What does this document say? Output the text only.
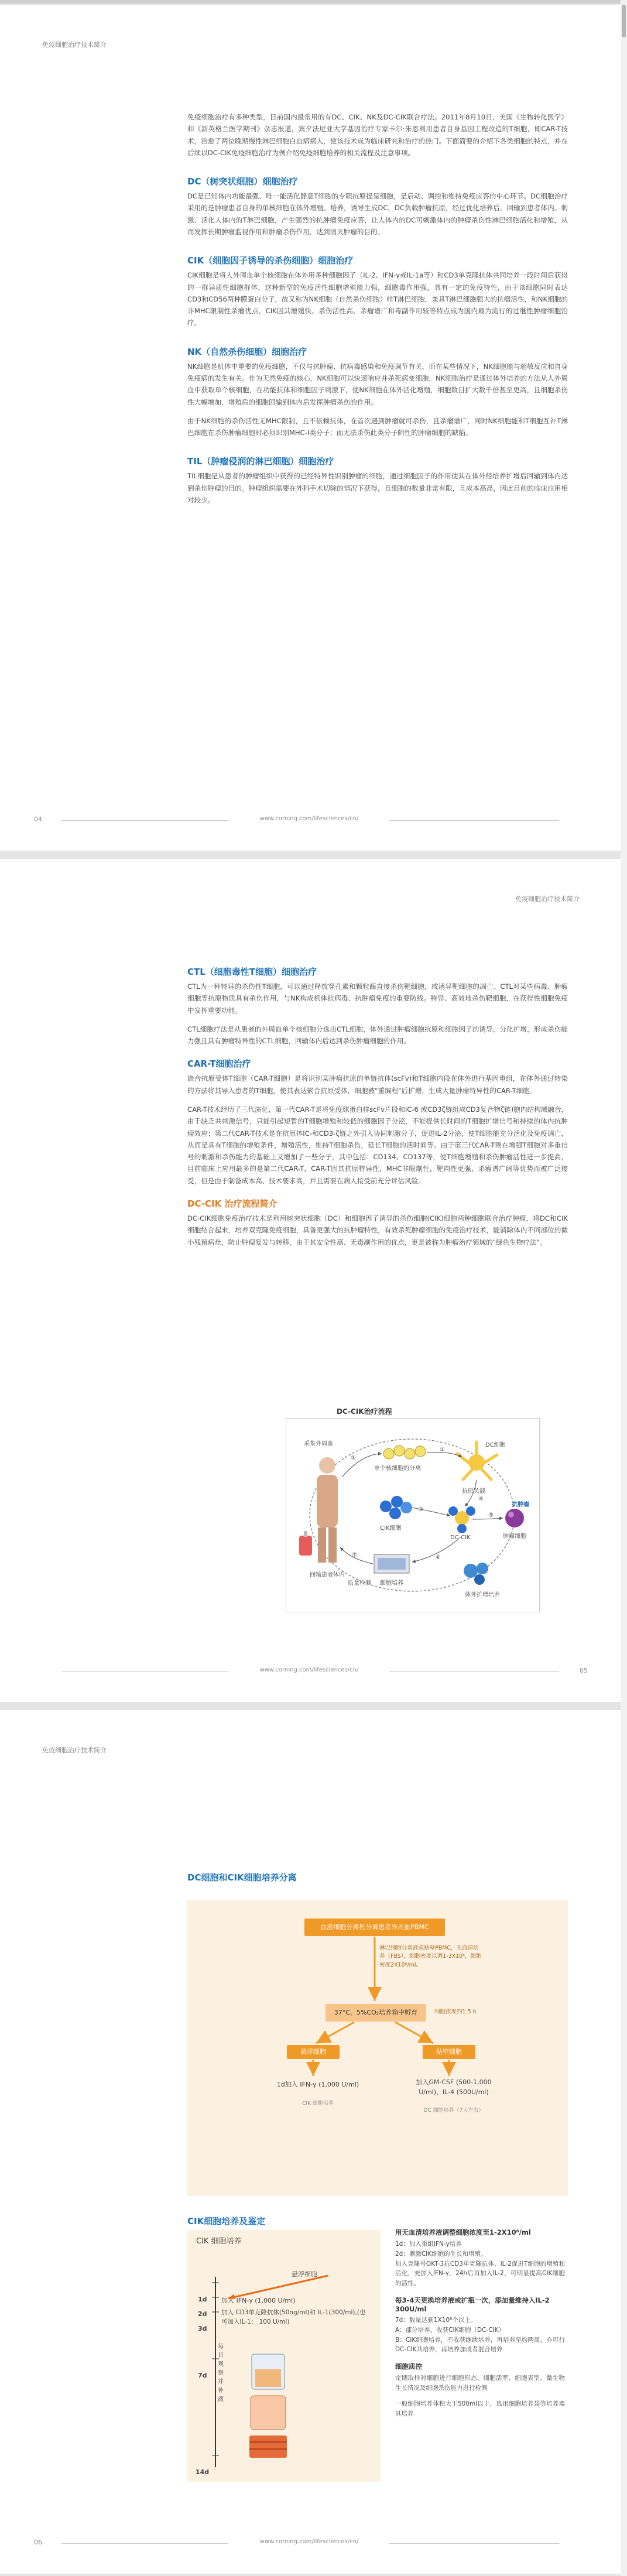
免疫细胞治疗技术简介

免疫细胞治疗有多种类型，目前国内最常用的有DC、CIK、NK及DC-CIK联合疗法。2011年8月10日，美国《生物转化医学》和《新英格兰医学期刊》杂志报道，宾夕法尼亚大学基因治疗专家卡尔·朱恩利用患者自身基因工程改造的T细胞，即CAR-T技术，治愈了两位晚期慢性淋巴细胞白血病病人，使该技术成为临床研究和治疗的热门。下面简要的介绍下各类细胞的特点，并在后续以DC-CIK免疫细胞治疗为例介绍免疫细胞培养的相关流程及注意事项。

DC（树突状细胞）细胞治疗

DC是已知体内功能最强、唯一能活化静息T细胞的专职抗原提呈细胞，是启动、调控和维持免疫应答的中心环节。DC细胞治疗采用的是肿瘤患者自身的单核细胞在体外增殖、培养，诱导生成DC，DC负载肿瘤抗原，经过优化培养后，回输到患者体内。刺激、活化人体内的T淋巴细胞，产生强烈的抗肿瘤免疫应答，让人体内的DC可刺激体内的肿瘤杀伤性淋巴细胞活化和增殖，从而发挥长期肿瘤监视作用和肿瘤杀伤作用，达到清灭肿瘤的目的。

CIK（细胞因子诱导的杀伤细胞）细胞治疗

CIK细胞是将人外周血单个核细胞在体外用多种细胞因子（IL-2、IFN-γ或IL-1a等）和CD3单克隆抗体共同培养一段时间后获得的一群异质性细胞群体，这种新型的免疫活性细胞增殖能力强，细胞毒作用强，具有一定的免疫特性，由于该细胞同时表达CD3和CD56两种膜蛋白分子，故又称为NK细胞（自然杀伤细胞）样T淋巴细胞，兼具T淋巴细胞强大的抗瘤活性，和NK细胞的非MHC限制性杀瘤优点，CIK因其增殖快、杀伤活性高、杀瘤谱广和毒副作用较等特点成为国内最为流行的过继性肿瘤细胞治疗。

NK（自然杀伤细胞）细胞治疗

NK细胞是机体中重要的免疫细胞，不仅与抗肿瘤、抗病毒感染和免疫调节有关，而在某些情况下，NK细胞能与超敏反应和自身免疫病的发生有关。作为天然免疫的核心，NK细胞可以快速响应并杀死病变细胞，NK细胞治疗是通过体外培养的方法从人外周血中获取单个核细胞，在功能抗体和细胞因子刺激下，使NK细胞在体外活化增殖，细胞数目扩大数千倍甚至更高，且细胞杀伤性大幅增加，增殖后的细胞回输到体内后发挥肿瘤杀伤的作用。

由于NK细胞的杀伤活性无MHC限制，且不依赖抗体，在首次遇到肿瘤就可杀伤，且杀瘤谱广，同时NK细胞能和T细胞互补T淋巴细胞在杀伤肿瘤细胞时必须识别MHC-I类分子；而无法杀伤此类分子阴性的肿瘤细胞的缺陷。

TIL（肿瘤侵润的淋巴细胞）细胞治疗

TIL细胞是从患者的肿瘤组织中获得的已经特异性识别肿瘤的细胞，通过细胞因子的作用使其在体外经培养扩增后回输到体内达到杀伤肿瘤的目的。肿瘤组织需要在外科手术切除的情况下获得，且细胞的数量非常有限，且成本高昂，因此目前的临床应用相对较少。

www.corning.com/lifesciences/cn/
04
免疫细胞治疗技术简介
CTL（细胞毒性T细胞）细胞治疗

CTL为一种特异的杀伤性T细胞，可以通过释放穿孔素和颗粒酶直接杀伤靶细胞，或诱导靶细胞的凋亡。CTL对某些病毒、肿瘤细胞等抗原物质具有杀伤作用，与NK构成机体抗病毒、抗肿瘤免疫的重要防线。特异、高效地杀伤靶细胞，在获得性细胞免疫中发挥重要功能。

CTL细胞疗法是从患者的外周血单个核细胞分选出CTL细胞，体外通过肿瘤细胞抗原和细胞因子的诱导，分化扩增，形成杀伤能力强且具有肿瘤特异性的CTL细胞，回输体内后达到杀伤肿瘤细胞的作用。

CAR-T细胞治疗

嵌合抗原受体T细胞（CAR-T细胞）是将识别某肿瘤抗原的单链抗体(scFv)和T细胞内段在体外进行基因重组，在体外通过转染的方法将其导入患者的T细胞，使其表达嵌合抗原受体，细胞被"重编程"后扩增，生成大量肿瘤特异性的CAR-T细胞。

CAR-T技术经历了三代演化，第一代CAR-T是将免疫球蛋白样scFv片段和IC-6 或CD3ζ链组成CD3复合物ζ链)胞内结构域融合，由于缺乏共刺激信号，只能引起短暂的T细胞增殖和较低的细胞因子分泌，不能提供长时间的T细胞扩增信号和持续的体内抗肿瘤效应；第二代CAR-T技术是在抗原体IC-和CD3-ζ链之外引入协同刺激分子，促进IL-2分泌，使T细胞能充分活化及免疫调亡，从而是具有T细胞的增殖条件，增殖活性，维持T细胞杀伤，延长T细胞的活时间等。由于第三代CAR-T则在增强T细胞对多重信号的刺激和杀伤能力的基础上又增加了一些分子，其中包括：CD134、CD137等，使T细胞增殖和杀伤肿瘤活性进一步提高，目前临床上应用最多的是第二代CAR-T，CAR-T因其抗原特异性，MHC非限制性，靶向性更强，杀瘤谱广阔等优势而被广泛接受，但是由于制备成本高、技术要求高，并且需要在病人接受前充分评估风险。

DC-CIK 治疗流程简介

DC-CIK细胞免疫治疗技术是利用树突状细胞（DC）和细胞因子诱导的杀伤细胞(CIK)细胞两种细胞联合治疗肿瘤，将DC和CIK细胞结合起来，培养双克隆免疫细胞，具备更强大的抗肿瘤特性，有效杀死肿瘤细胞的免疫治疗技术，能消除体内不同部位的微小残留病灶，防止肿瘤复发与转移，由于其安全性高、无毒副作用的优点，更是被称为肿瘤治疗领域的"绿色生物疗法"。

DC-CIK治疗流程
采集外周血
单个核细胞的分离
DC细胞
DC-CIK
CIK细胞
抗原负载
回输患者体内
质量检测 细胞培养
肿瘤细胞
抗肿瘤
体外扩增培养
①
②
③
④
⑤
⑥
⑦
www.corning.com/lifesciences/cn/	05
免疫细胞治疗技术简介
DC细胞和CIK细胞培养分离
血液细胞分离机分离患者外周血PBMC
淋巴细胞分离液或贴壁PBMC，无血清培养（FBS），细胞密度以调1-3X10⁶，细胞密度2X10⁶/ml。
37°C，5%CO₂培养箱中孵育	细胞浓度约1.5 h
悬浮细胞	贴壁细胞
1d加入 IFN-γ (1,000 U/ml)
CIK 细胞培养
加入GM-CSF (500-1,000 U/ml)，IL-4 (500U/ml)
DC 细胞培养（7天左右）
CIK细胞培养及鉴定
CIK 细胞培养
悬浮细胞
1d
2d
3d
7d
14d
加入 IFN-γ (1,000 U/ml)
加入 CD3单克隆抗体(50ng/ml)和 IL-1(300/ml),(也可加入IL-1： 100 U/ml)
每日观察并补液
用无血清培养液调整细胞浓度至1-2X10⁶/ml
1d：加入重组IFN-γ培养
2d：刺激CIK细胞的生长和增殖。
加入克隆号OKT-3抗CD3单克隆抗体、IL-2促进T细胞的增殖和活化，充加入IFN-γ。24h后再加入IL-2，可明显提高CIK细胞的活性。
每3-4天更换培养液或扩瓶一次，添加量维持入IL-2 300U/ml
7d：数量达到1X10⁸个以上。
A：部分培养，收获CIK细胞（DC-CIK）
B：CIK细胞培养，不收获继续培养，再培养至约两周，亦可行DC-CIK共培养，再培养加成者混合培养
细胞质控
定期取样对细胞进行细胞形态、细胞活率、细胞表型、微生物生长情况及细胞杀伤能力进行检测
一般细胞培养体积大于500ml以上，选用细胞培养袋等培养器具培养
www.corning.com/lifesciences/cn/
06
